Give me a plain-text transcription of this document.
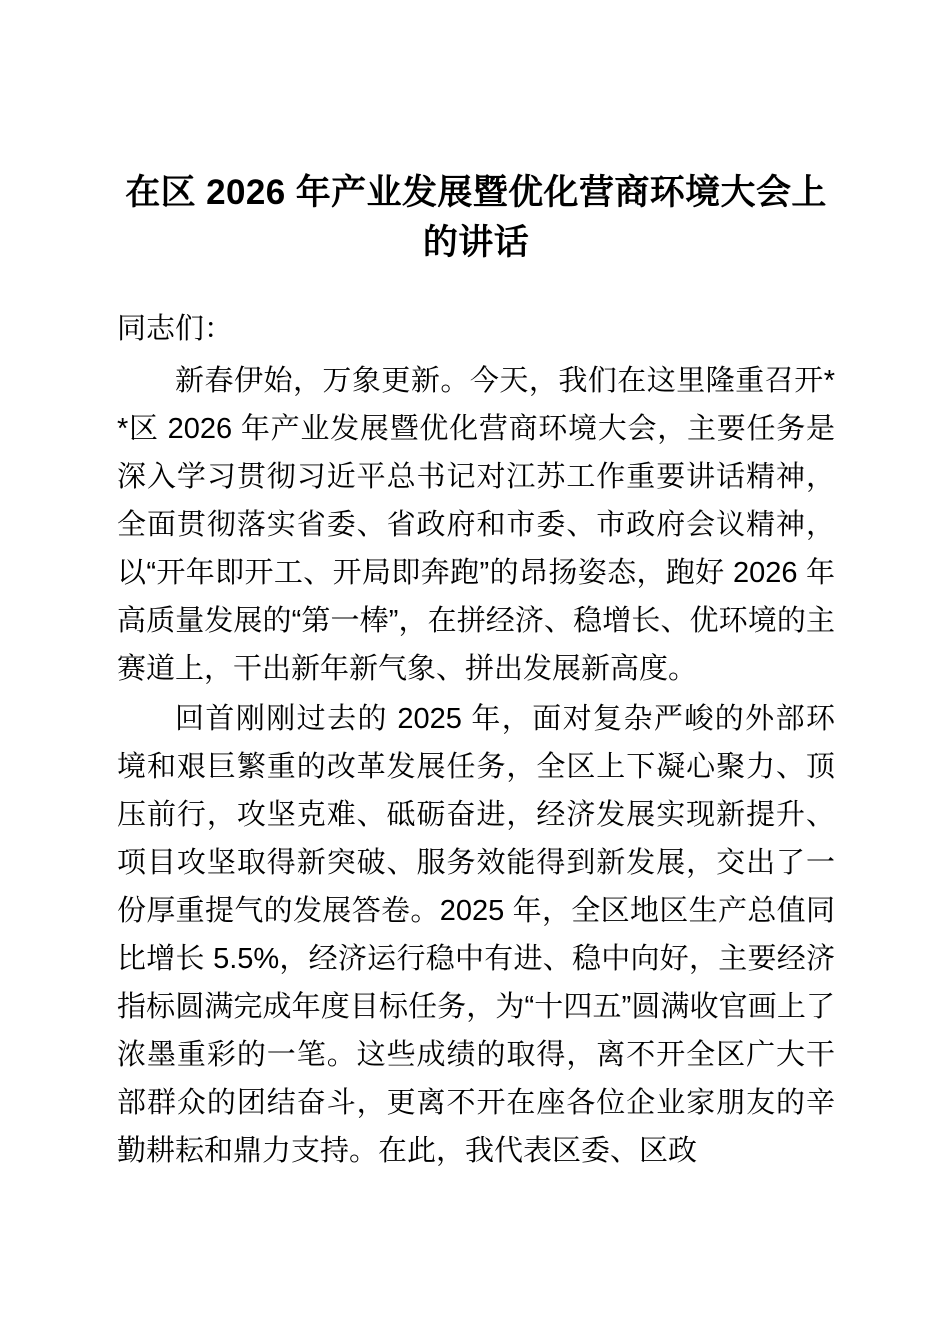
在区 2026 年产业发展暨优化营商环境大会上
的讲话

同志们：

新春伊始，万象更新。今天，我们在这里隆重召开**区 2026 年产业发展暨优化营商环境大会，主要任务是深入学习贯彻习近平总书记对江苏工作重要讲话精神，全面贯彻落实省委、省政府和市委、市政府会议精神，以“开年即开工、开局即奔跑”的昂扬姿态，跑好 2026 年高质量发展的“第一棒”，在拼经济、稳增长、优环境的主赛道上，干出新年新气象、拼出发展新高度。

回首刚刚过去的 2025 年，面对复杂严峻的外部环境和艰巨繁重的改革发展任务，全区上下凝心聚力、顶压前行，攻坚克难、砥砺奋进，经济发展实现新提升、项目攻坚取得新突破、服务效能得到新发展，交出了一份厚重提气的发展答卷。2025 年，全区地区生产总值同比增长 5.5%，经济运行稳中有进、稳中向好，主要经济指标圆满完成年度目标任务，为“十四五”圆满收官画上了浓墨重彩的一笔。这些成绩的取得，离不开全区广大干部群众的团结奋斗，更离不开在座各位企业家朋友的辛勤耕耘和鼎力支持。在此，我代表区委、区政
